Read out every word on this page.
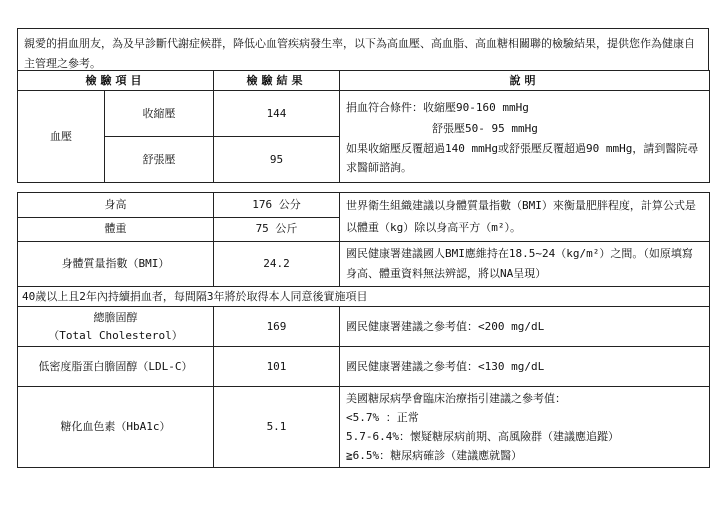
親愛的捐血朋友，為及早診斷代謝症候群，降低心血管疾病發生率，以下為高血壓、高血脂、高血糖相關聯的檢驗結果，提供您作為健康自主管理之參考。
檢驗項目		檢驗結果	說明
血壓	收縮壓	144	捐血符合條件：收縮壓90-160 mmHg
舒張壓50- 95 mmHg
如果收縮壓反覆超過140 mmHg或舒張壓反覆超過90 mmHg，請到醫院尋求醫師諮詢。

	舒張壓	95	

身高		176 公分	世界衛生組織建議以身體質量指數（BMI）來衡量肥胖程度，計算公式是以體重（kg）除以身高平方（m²）。
體重		75 公斤	
身體質量指數（BMI）		24.2	國民健康署建議國人BMI應維持在18.5~24（kg/m²）之間。（如原填寫身高、體重資料無法辨認，將以NA呈現）
40歲以上且2年內持續捐血者，每間隔3年將於取得本人同意後實施項目			

總膽固醇
（Total Cholesterol）		169	國民健康署建議之參考值：<200 mg/dL
低密度脂蛋白膽固醇（LDL-C）		101	國民健康署建議之參考值：<130 mg/dL
糖化血色素（HbA1c）		5.1	美國糖尿病學會臨床治療指引建議之參考值：
<5.7% ：正常
5.7-6.4%：懷疑糖尿病前期、高風險群（建議應追蹤）
≧6.5%：糖尿病確診（建議應就醫）
